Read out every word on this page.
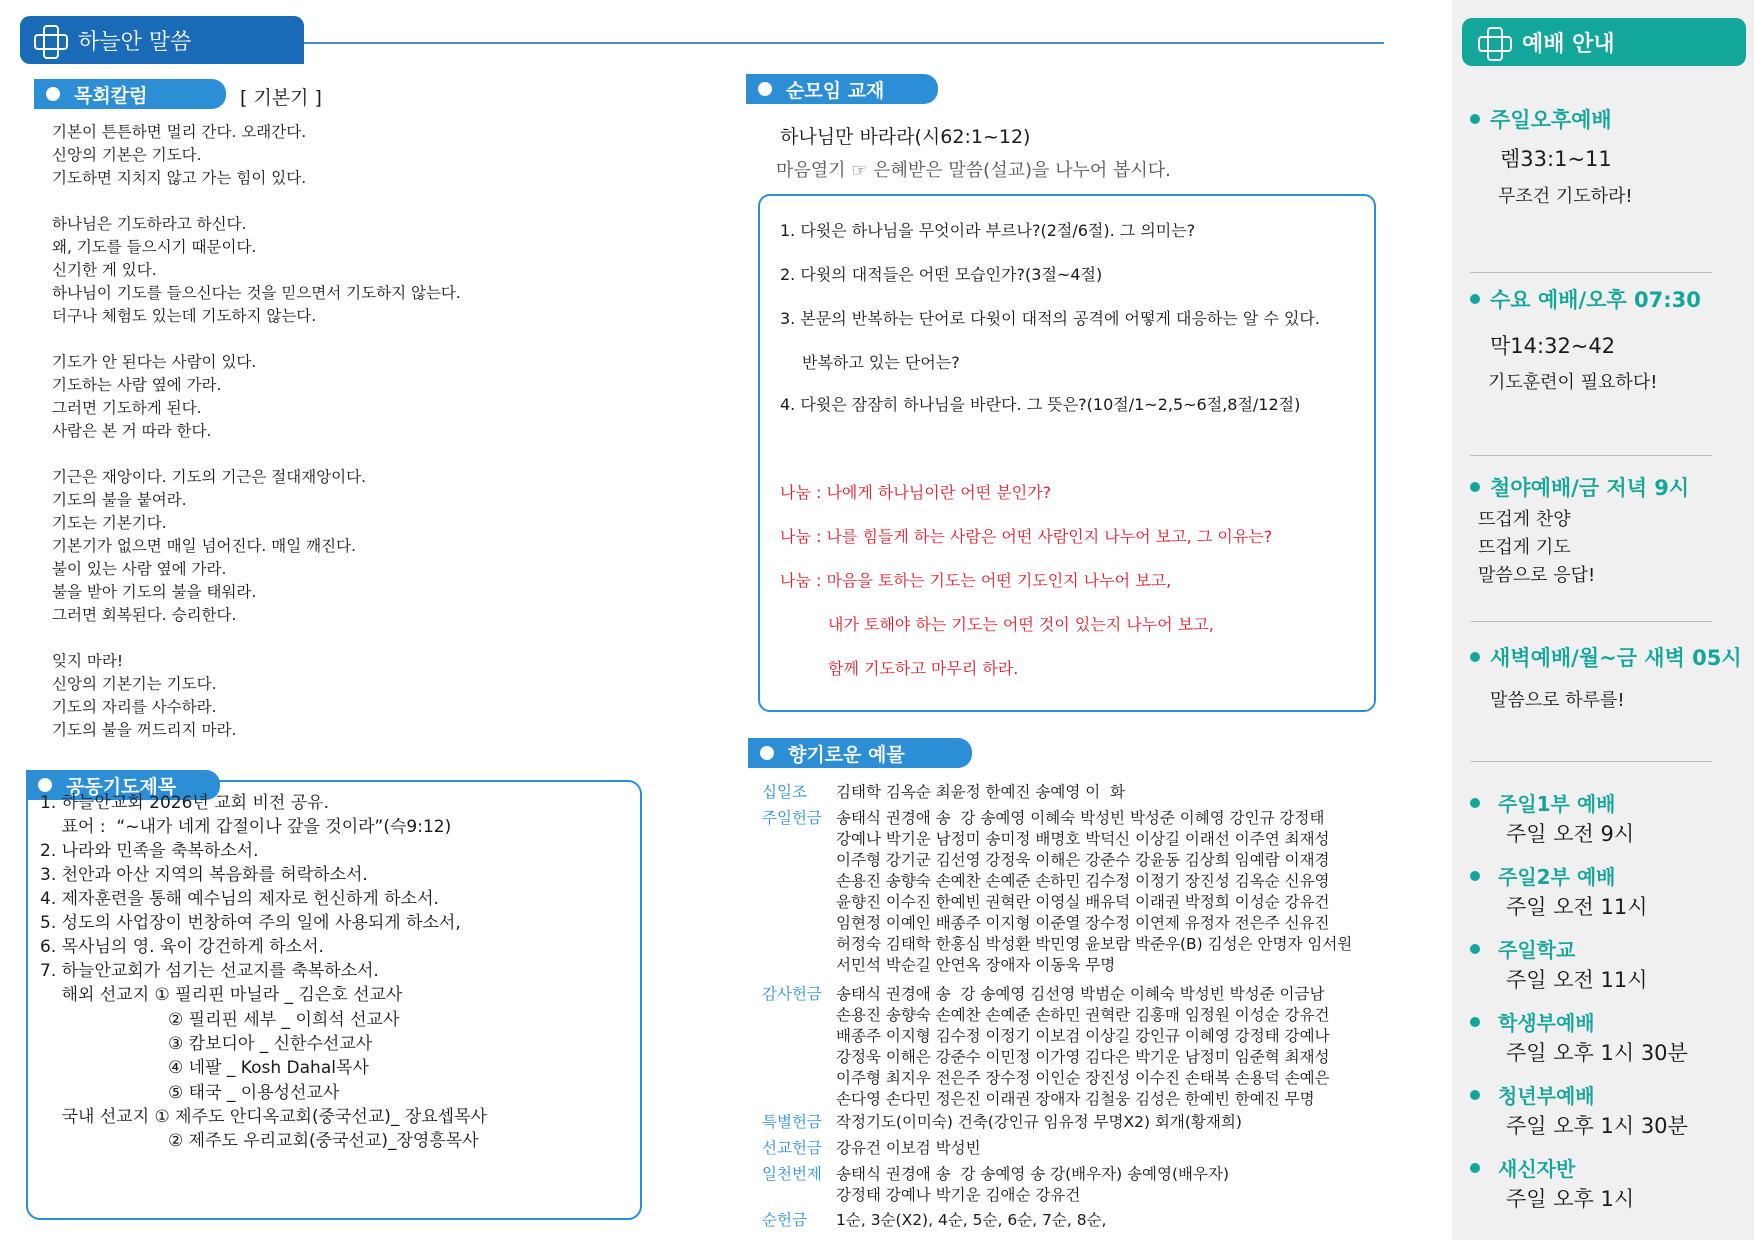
하늘안 말씀
목회칼럼	[ 기본기 ]
기본이 튼튼하면 멀리 간다. 오래간다.
신앙의 기본은 기도다.
기도하면 지치지 않고 가는 힘이 있다.
하나님은 기도하라고 하신다.
왜, 기도를 들으시기 때문이다.
신기한 게 있다.
하나님이 기도를 들으신다는 것을 믿으면서 기도하지 않는다.
더구나 체험도 있는데 기도하지 않는다.
기도가 안 된다는 사람이 있다.
기도하는 사람 옆에 가라.
그러면 기도하게 된다.
사람은 본 거 따라 한다.
기근은 재앙이다. 기도의 기근은 절대재앙이다.
기도의 불을 붙여라.
기도는 기본기다.
기본기가 없으면 매일 넘어진다. 매일 깨진다.
불이 있는 사람 옆에 가라.
불을 받아 기도의 불을 태워라.
그러면 회복된다. 승리한다.
잊지 마라!
신앙의 기본기는 기도다.
기도의 자리를 사수하라.
기도의 불을 꺼드리지 마라.
공동기도제목
1. 하늘안교회 2026년 교회 비전 공유.
표어 :  “~내가 네게 갑절이나 갚을 것이라”(슥9:12)
2. 나라와 민족을 축복하소서.
3. 천안과 아산 지역의 복음화를 허락하소서.
4. 제자훈련을 통해 예수님의 제자로 헌신하게 하소서.
5. 성도의 사업장이 번창하여 주의 일에 사용되게 하소서,
6. 목사님의 영. 육이 강건하게 하소서.
7. 하늘안교회가 섬기는 선교지를 축복하소서.
해외 선교지 ① 필리핀 마닐라 _ 김은호 선교사
② 필리핀 세부 _ 이희석 선교사
③ 캄보디아 _ 신한수선교사
④ 네팔 _ Kosh Dahal목사
⑤ 태국 _ 이용성선교사
국내 선교지 ① 제주도 안디옥교회(중국선교)_ 장요셉목사
② 제주도 우리교회(중국선교)_장영흥목사
순모임 교재
하나님만 바라라(시62:1~12)
마음열기 ☞ 은혜받은 말씀(설교)을 나누어 봅시다.
1. 다윗은 하나님을 무엇이라 부르나?(2절/6절). 그 의미는?
2. 다윗의 대적들은 어떤 모습인가?(3절~4절)
3. 본문의 반복하는 단어로 다윗이 대적의 공격에 어떻게 대응하는 알 수 있다.
반복하고 있는 단어는?
4. 다윗은 잠잠히 하나님을 바란다. 그 뜻은?(10절/1~2,5~6절,8절/12절)
나눔 : 나에게 하나님이란 어떤 분인가?
나눔 : 나를 힘들게 하는 사람은 어떤 사람인지 나누어 보고, 그 이유는?
나눔 : 마음을 토하는 기도는 어떤 기도인지 나누어 보고,
내가 토해야 하는 기도는 어떤 것이 있는지 나누어 보고,
함께 기도하고 마무리 하라.
향기로운 예물
십일조 김태학 김옥순 최윤정 한예진 송예영 이  화
주일헌금 송태식 권경애 송  강 송예영 이혜숙 박성빈 박성준 이혜영 강인규 강정태
강예나 박기운 남정미 송미정 배명호 박덕신 이상길 이래선 이주연 최재성
이주형 강기군 김선영 강정욱 이해은 강준수 강윤동 김상희 임예람 이재경
손용진 송향숙 손예찬 손예준 손하민 김수정 이정기 장진성 김옥순 신유영
윤향진 이수진 한예빈 권혁란 이영실 배유덕 이래권 박정희 이성순 강유건
임현정 이예인 배종주 이지형 이준열 장수정 이연제 유정자 전은주 신유진
허정숙 김태학 한홍심 박성환 박민영 윤보람 박준우(B) 김성은 안명자 임서원
서민석 박순길 안연옥 장애자 이동욱 무명
감사헌금 송태식 권경애 송  강 송예영 김선영 박범순 이혜숙 박성빈 박성준 이금남
손용진 송향숙 손예찬 손예준 손하민 권혁란 김홍매 임정원 이성순 강유건
배종주 이지형 김수정 이정기 이보검 이상길 강인규 이혜영 강정태 강예나
강정욱 이해은 강준수 이민정 이가영 김다은 박기운 남정미 임준혁 최재성
이주형 최지우 전은주 장수정 이인순 장진성 이수진 손태복 손용덕 손예은
손다영 손다민 정은진 이래권 장애자 김철웅 김성은 한예빈 한예진 무명
특별헌금 작정기도(이미숙) 건축(강인규 임유정 무명X2) 회개(황재희)
선교헌금 강유건 이보검 박성빈
일천번제 송태식 권경애 송  강 송예영 송 강(배우자) 송예영(배우자)
강정태 강예나 박기운 김애순 강유건
순헌금 1순, 3순(X2), 4순, 5순, 6순, 7순, 8순,
예배 안내
주일오후예배
렘33:1~11
무조건 기도하라!
수요 예배/오후 07:30
막14:32~42
기도훈련이 필요하다!
철야예배/금 저녁 9시
뜨겁게 찬양
뜨겁게 기도
말씀으로 응답!
새벽예배/월~금 새벽 05시
말씀으로 하루를!
주일1부 예배
주일 오전 9시
주일2부 예배
주일 오전 11시
주일학교
주일 오전 11시
학생부예배
주일 오후 1시 30분
청년부예배
주일 오후 1시 30분
새신자반
주일 오후 1시
